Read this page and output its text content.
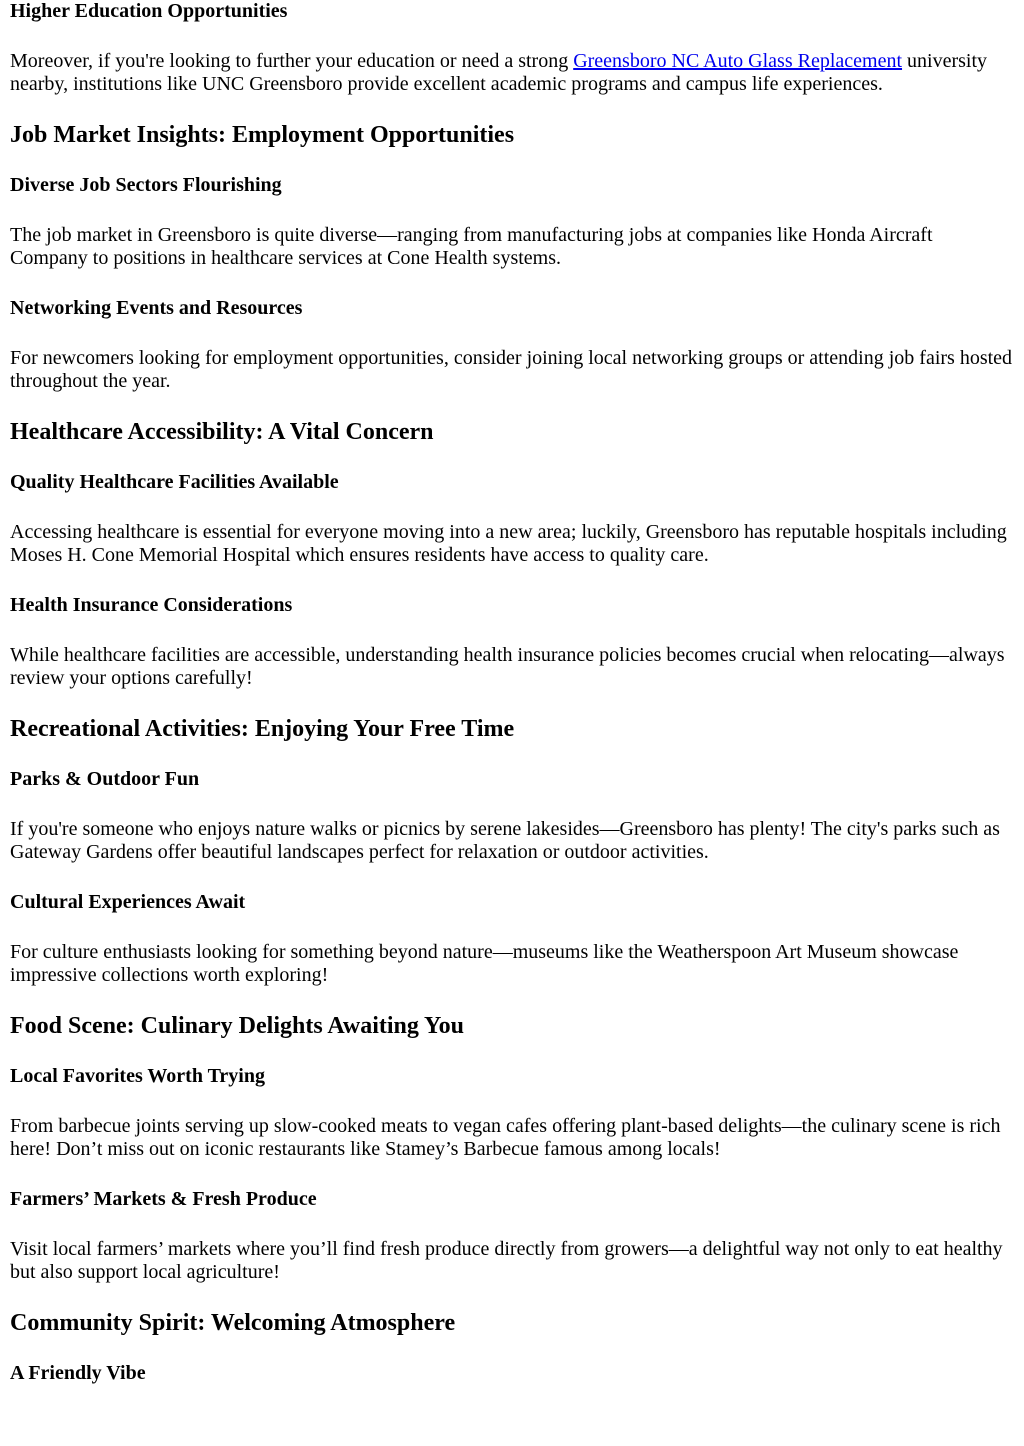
Higher Education Opportunities

Moreover, if you're looking to further your education or need a strong Greensboro NC Auto Glass Replacement university nearby, institutions like UNC Greensboro provide excellent academic programs and campus life experiences.

Job Market Insights: Employment Opportunities
Diverse Job Sectors Flourishing

The job market in Greensboro is quite diverse—ranging from manufacturing jobs at companies like Honda Aircraft Company to positions in healthcare services at Cone Health systems.

Networking Events and Resources

For newcomers looking for employment opportunities, consider joining local networking groups or attending job fairs hosted throughout the year.

Healthcare Accessibility: A Vital Concern
Quality Healthcare Facilities Available

Accessing healthcare is essential for everyone moving into a new area; luckily, Greensboro has reputable hospitals including Moses H. Cone Memorial Hospital which ensures residents have access to quality care.

Health Insurance Considerations

While healthcare facilities are accessible, understanding health insurance policies becomes crucial when relocating—always review your options carefully!

Recreational Activities: Enjoying Your Free Time
Parks & Outdoor Fun

If you're someone who enjoys nature walks or picnics by serene lakesides—Greensboro has plenty! The city's parks such as Gateway Gardens offer beautiful landscapes perfect for relaxation or outdoor activities.

Cultural Experiences Await

For culture enthusiasts looking for something beyond nature—museums like the Weatherspoon Art Museum showcase impressive collections worth exploring!

Food Scene: Culinary Delights Awaiting You
Local Favorites Worth Trying

From barbecue joints serving up slow-cooked meats to vegan cafes offering plant-based delights—the culinary scene is rich here! Don’t miss out on iconic restaurants like Stamey’s Barbecue famous among locals!

Farmers’ Markets & Fresh Produce

Visit local farmers’ markets where you’ll find fresh produce directly from growers—a delightful way not only to eat healthy but also support local agriculture!

Community Spirit: Welcoming Atmosphere
A Friendly Vibe
